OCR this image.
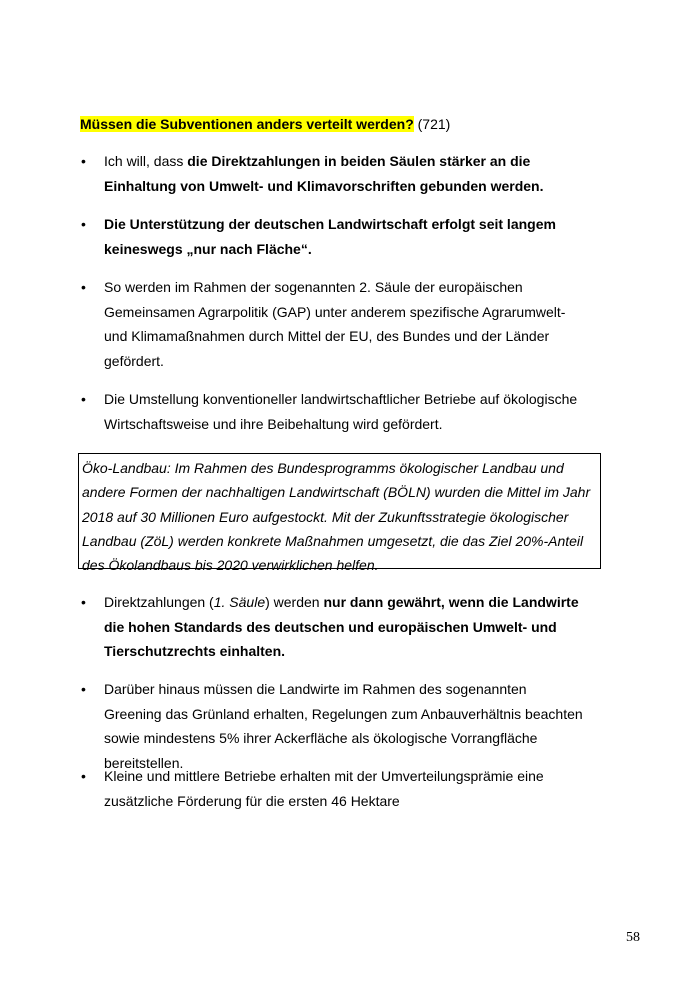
Müssen die Subventionen anders verteilt werden? (721)
• Ich will, dass die Direktzahlungen in beiden Säulen stärker an die Einhaltung von Umwelt- und Klimavorschriften gebunden werden.
• Die Unterstützung der deutschen Landwirtschaft erfolgt seit langem keineswegs „nur nach Fläche“.
• So werden im Rahmen der sogenannten 2. Säule der europäischen Gemeinsamen Agrarpolitik (GAP) unter anderem spezifische Agrarumwelt- und Klimamaßnahmen durch Mittel der EU, des Bundes und der Länder gefördert.
• Die Umstellung konventioneller landwirtschaftlicher Betriebe auf ökologische Wirtschaftsweise und ihre Beibehaltung wird gefördert.
Öko-Landbau: Im Rahmen des Bundesprogramms ökologischer Landbau und andere Formen der nachhaltigen Landwirtschaft (BÖLN) wurden die Mittel im Jahr 2018 auf 30 Millionen Euro aufgestockt. Mit der Zukunftsstrategie ökologischer Landbau (ZöL) werden konkrete Maßnahmen umgesetzt, die das Ziel 20%-Anteil des Ökolandbaus bis 2020 verwirklichen helfen.
• Direktzahlungen (1. Säule) werden nur dann gewährt, wenn die Landwirte die hohen Standards des deutschen und europäischen Umwelt- und Tierschutzrechts einhalten.
• Darüber hinaus müssen die Landwirte im Rahmen des sogenannten Greening das Grünland erhalten, Regelungen zum Anbauverhältnis beachten sowie mindestens 5% ihrer Ackerfläche als ökologische Vorrangfläche bereitstellen.
• Kleine und mittlere Betriebe erhalten mit der Umverteilungsprämie eine zusätzliche Förderung für die ersten 46 Hektare
58
